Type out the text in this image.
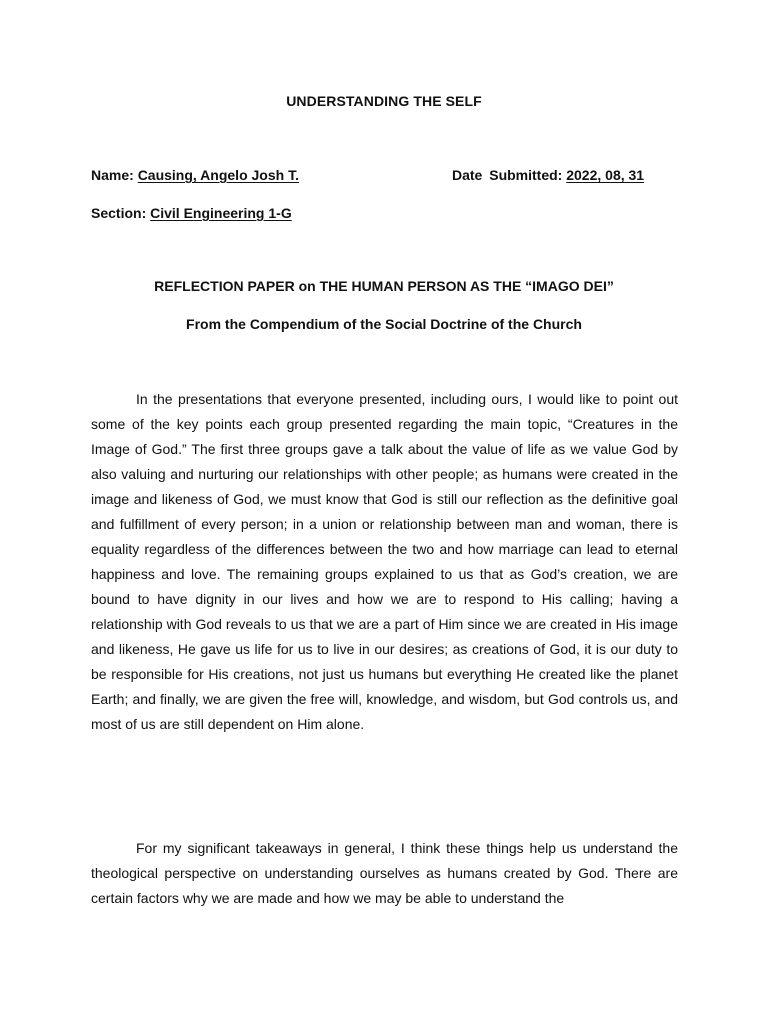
UNDERSTANDING THE SELF
Name: Causing, Angelo Josh T.	Date Submitted: 2022, 08, 31
Section: Civil Engineering 1-G
REFLECTION PAPER on THE HUMAN PERSON AS THE “IMAGO DEI”
From the Compendium of the Social Doctrine of the Church

In the presentations that everyone presented, including ours, I would like to point out some of the key points each group presented regarding the main topic, “Creatures in the Image of God.” The first three groups gave a talk about the value of life as we value God by also valuing and nurturing our relationships with other people; as humans were created in the image and likeness of God, we must know that God is still our reflection as the definitive goal and fulfillment of every person; in a union or relationship between man and woman, there is equality regardless of the differences between the two and how marriage can lead to eternal happiness and love. The remaining groups explained to us that as God’s creation, we are bound to have dignity in our lives and how we are to respond to His calling; having a relationship with God reveals to us that we are a part of Him since we are created in His image and likeness, He gave us life for us to live in our desires; as creations of God, it is our duty to be responsible for His creations, not just us humans but everything He created like the planet Earth; and finally, we are given the free will, knowledge, and wisdom, but God controls us, and most of us are still dependent on Him alone.

For my significant takeaways in general, I think these things help us understand the theological perspective on understanding ourselves as humans created by God. There are certain factors why we are made and how we may be able to understand the
